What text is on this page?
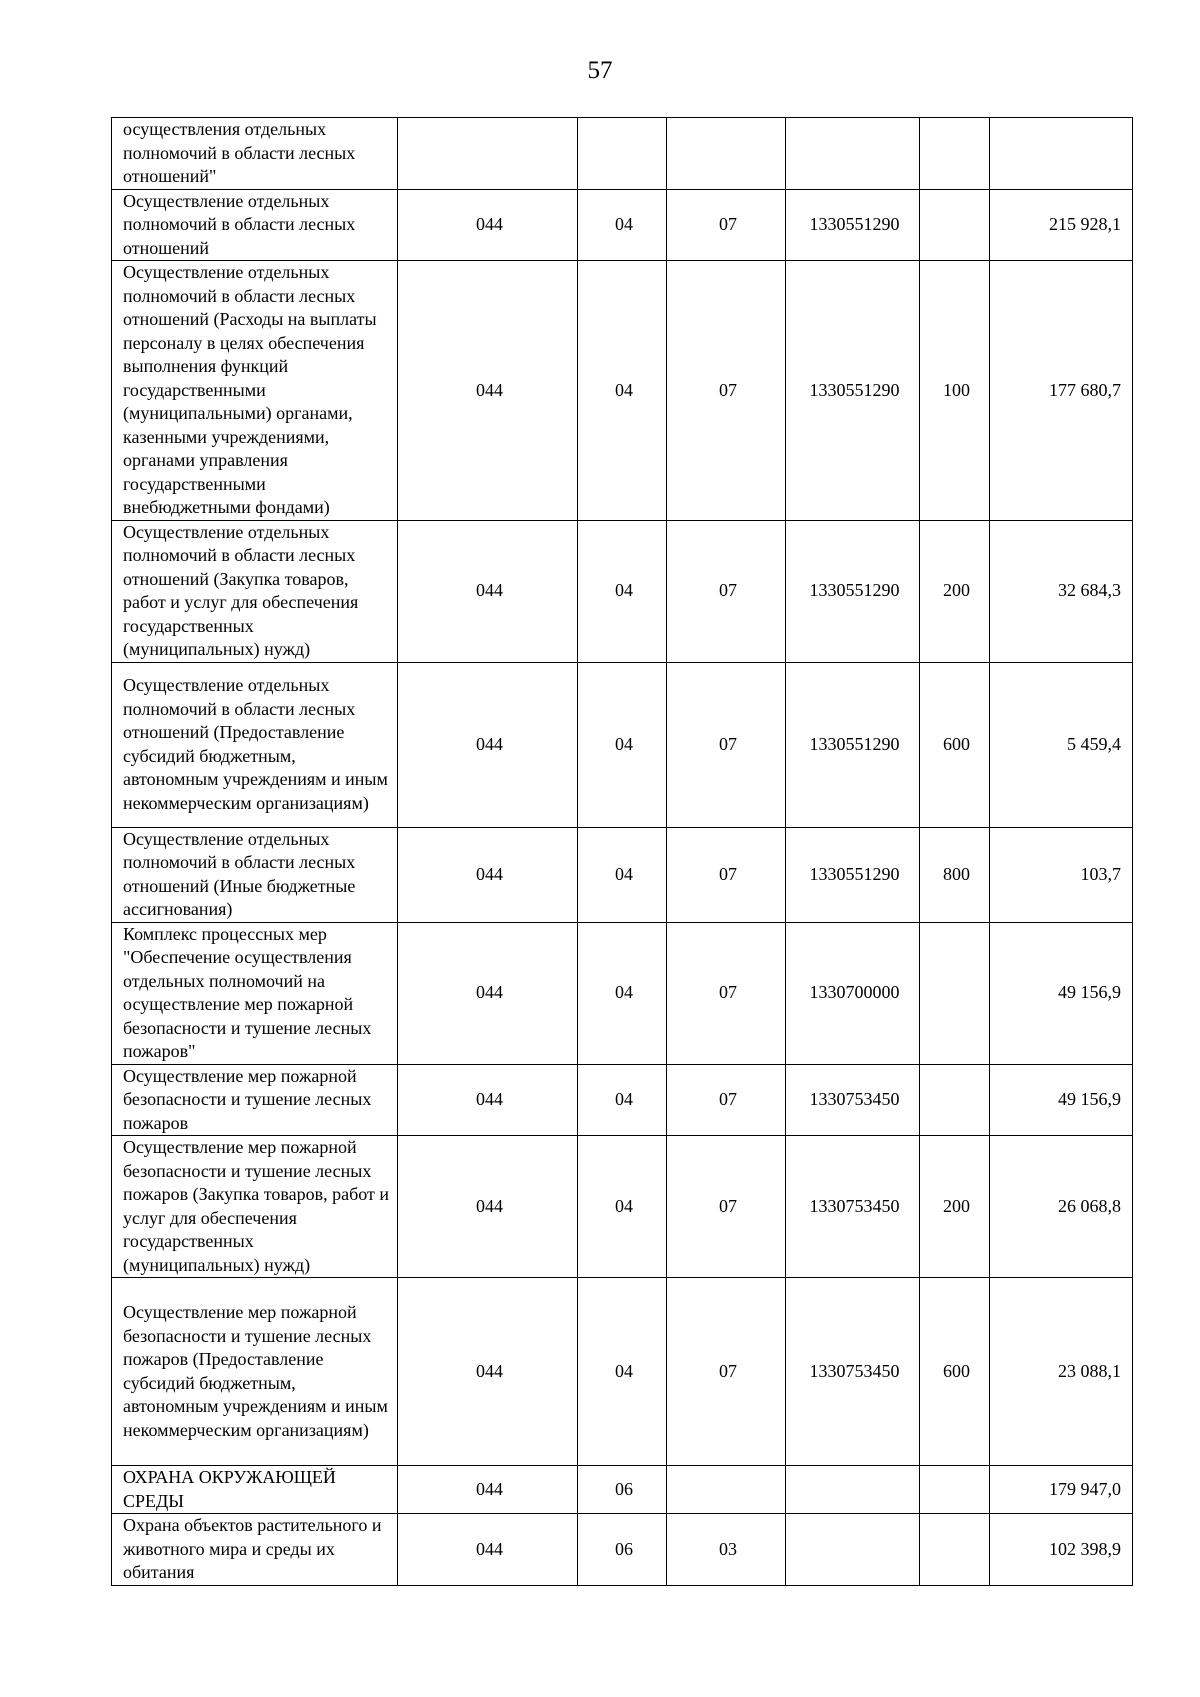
57
осуществления отдельных полномочий в области лесных отношений"						
Осуществление отдельных полномочий в области лесных отношений	044	04	07	1330551290		215 928,1
Осуществление отдельных полномочий в области лесных отношений (Расходы на выплаты персоналу в целях обеспечения выполнения функций государственными (муниципальными) органами, казенными учреждениями, органами управления государственными внебюджетными фондами)	044	04	07	1330551290	100	177 680,7
Осуществление отдельных полномочий в области лесных отношений (Закупка товаров, работ и услуг для обеспечения государственных (муниципальных) нужд)	044	04	07	1330551290	200	32 684,3
Осуществление отдельных полномочий в области лесных отношений (Предоставление субсидий бюджетным, автономным учреждениям и иным некоммерческим организациям)	044	04	07	1330551290	600	5 459,4
Осуществление отдельных полномочий в области лесных отношений (Иные бюджетные ассигнования)	044	04	07	1330551290	800	103,7
Комплекс процессных мер "Обеспечение осуществления отдельных полномочий на осуществление мер пожарной безопасности и тушение лесных пожаров"	044	04	07	1330700000		49 156,9
Осуществление мер пожарной безопасности и тушение лесных пожаров	044	04	07	1330753450		49 156,9
Осуществление мер пожарной безопасности и тушение лесных пожаров (Закупка товаров, работ и услуг для обеспечения государственных (муниципальных) нужд)	044	04	07	1330753450	200	26 068,8
Осуществление мер пожарной безопасности и тушение лесных пожаров (Предоставление субсидий бюджетным, автономным учреждениям и иным некоммерческим организациям)	044	04	07	1330753450	600	23 088,1
ОХРАНА ОКРУЖАЮЩЕЙ СРЕДЫ	044	06				179 947,0
Охрана объектов растительного и животного мира и среды их обитания	044	06	03			102 398,9
